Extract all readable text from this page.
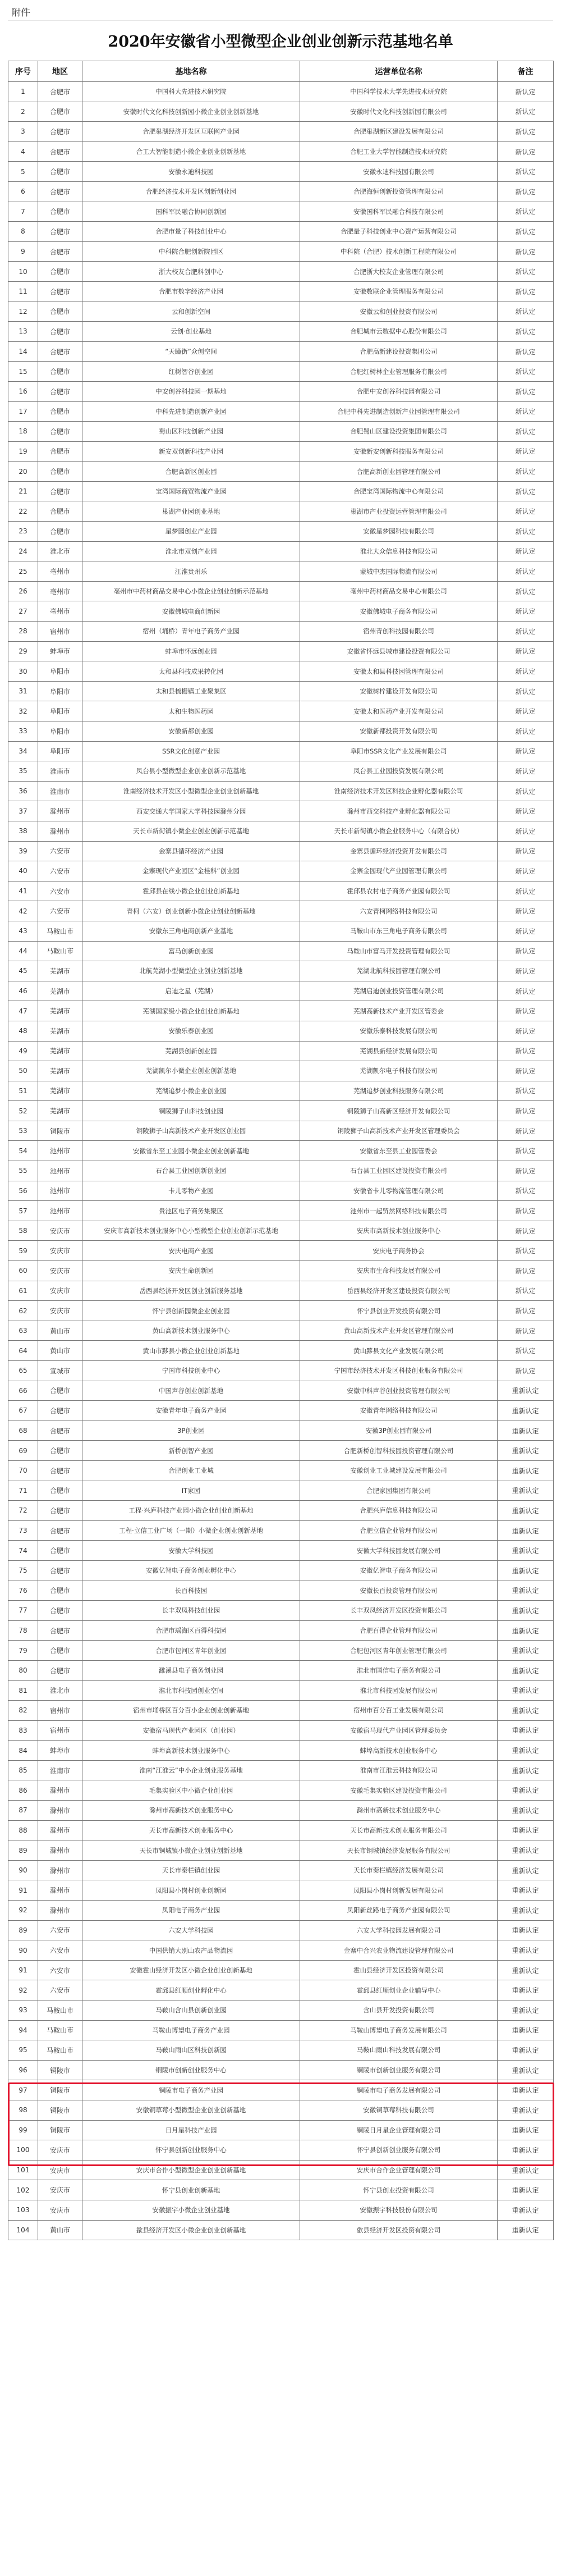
附件
2020年安徽省小型微型企业创业创新示范基地名单
序号	地区	基地名称	运营单位名称	备注
1	合肥市	中国科大先进技术研究院	中国科学技术大学先进技术研究院	新认定
2	合肥市	安徽时代文化科技创新园小微企业创业创新基地	安徽时代文化科技创新园有限公司	新认定
3	合肥市	合肥巢湖经济开发区互联网产业园	合肥巢湖新区建设发展有限公司	新认定
4	合肥市	合工大智能制造小微企业创业创新基地	合肥工业大学智能制造技术研究院	新认定
5	合肥市	安徽永迪科技园	安徽永迪科技园有限公司	新认定
6	合肥市	合肥经济技术开发区创新创业园	合肥海恒创新投资管理有限公司	新认定
7	合肥市	国科军民融合协同创新园	安徽国科军民融合科技有限公司	新认定
8	合肥市	合肥市量子科技创业中心	合肥量子科技创业中心资产运营有限公司	新认定
9	合肥市	中科院合肥创新院园区	中科院（合肥）技术创新工程院有限公司	新认定
10	合肥市	浙大校友合肥科创中心	合肥浙大校友企业管理有限公司	新认定
11	合肥市	合肥市数字经济产业园	安徽数联企业管理服务有限公司	新认定
12	合肥市	云和创新空间	安徽云和创业投资有限公司	新认定
13	合肥市	云创·创业基地	合肥城市云数据中心股份有限公司	新认定
14	合肥市	“天瞳街”众创空间	合肥高新建设投资集团公司	新认定
15	合肥市	红树智谷创业园	合肥红树林企业管理服务有限公司	新认定
16	合肥市	中安创谷科技园一期基地	合肥中安创谷科技园有限公司	新认定
17	合肥市	中科先进制造创新产业园	合肥中科先进制造创新产业园管理有限公司	新认定
18	合肥市	蜀山区科技创新产业园	合肥蜀山区建设投资集团有限公司	新认定
19	合肥市	新安双创新科技产业园	安徽新安创新科技服务有限公司	新认定
20	合肥市	合肥高新区创业园	合肥高新创业园管理有限公司	新认定
21	合肥市	宝湾国际商贸物流产业园	合肥宝湾国际物流中心有限公司	新认定
22	合肥市	巢湖产业园创业基地	巢湖市产业投资运营管理有限公司	新认定
23	合肥市	星梦园创业产业园	安徽星梦园科技有限公司	新认定
24	淮北市	淮北市双创产业园	淮北大众信息科技有限公司	新认定
25	亳州市	江淮贵州乐	蒙城中杰国际物流有限公司	新认定
26	亳州市	亳州市中药材商品交易中心小微企业创业创新示范基地	亳州中药材商品交易中心有限公司	新认定
27	亳州市	安徽佛城电商创新园	安徽佛城电子商务有限公司	新认定
28	宿州市	宿州（埇桥）青年电子商务产业园	宿州青创科技园有限公司	新认定
29	蚌埠市	蚌埠市怀远创业园	安徽省怀远县城市建设投资有限公司	新认定
30	阜阳市	太和县科技成果转化园	安徽太和县科技园管理有限公司	新认定
31	阜阳市	太和县梳栅镇工业聚集区	安徽树梓建设开发有限公司	新认定
32	阜阳市	太和生物医药园	安徽太和医药产业开发有限公司	新认定
33	阜阳市	安徽新都创业园	安徽新都投资开发有限公司	新认定
34	阜阳市	SSR文化创意产业园	阜阳市SSR文化产业发展有限公司	新认定
35	淮南市	凤台县小型微型企业创业创新示范基地	凤台县工业园投资发展有限公司	新认定
36	淮南市	淮南经济技术开发区小型微型企业创业创新基地	淮南经济技术开发区科技企业孵化器有限公司	新认定
37	滁州市	西安交通大学国家大学科技园滁州分园	滁州市西交科技产业孵化器有限公司	新认定
38	滁州市	天长市新街镇小微企业创业创新示范基地	天长市新街镇小微企业服务中心（有限合伙）	新认定
39	六安市	金寨县循环经济产业园	金寨县循环经济投资开发有限公司	新认定
40	六安市	金寨现代产业园区“金桂科”创业园	金寨金园现代产业园管理有限公司	新认定
41	六安市	霍邱县在线小微企业创业创新基地	霍邱县农村电子商务产业园有限公司	新认定
42	六安市	青柯（六安）创业创新小微企业创业创新基地	六安青柯网络科技有限公司	新认定
43	马鞍山市	安徽东三角电商创新产业基地	马鞍山市东三角电子商务有限公司	新认定
44	马鞍山市	富马创新创业园	马鞍山市富马开发投资管理有限公司	新认定
45	芜湖市	北航芜湖小型微型企业创业创新基地	芜湖北航科技园管理有限公司	新认定
46	芜湖市	启迪之星（芜湖）	芜湖启迪创业投资管理有限公司	新认定
47	芜湖市	芜湖国家级小微企业创业创新基地	芜湖高新技术产业开发区管委会	新认定
48	芜湖市	安徽乐泰创业园	安徽乐泰科技发展有限公司	新认定
49	芜湖市	芜湖县创新创业园	芜湖县新经济发展有限公司	新认定
50	芜湖市	芜湖凯尔小微企业创业创新基地	芜湖凯尔电子科技有限公司	新认定
51	芜湖市	芜湖追梦小微企业创业园	芜湖追梦创业科技服务有限公司	新认定
52	芜湖市	铜陵狮子山科技创业园	铜陵狮子山高新区经济开发有限公司	新认定
53	铜陵市	铜陵狮子山高新技术产业开发区创业园	铜陵狮子山高新技术产业开发区管理委员会	新认定
54	池州市	安徽省东至工业园小微企业创业创新基地	安徽省东至县工业园管委会	新认定
55	池州市	石台县工业园创新创业园	石台县工业园区建设投资有限公司	新认定
56	池州市	卡儿零物产业园	安徽省卡儿零物流管理有限公司	新认定
57	池州市	贵池区电子商务集聚区	池州市一起贸然网络科技有限公司	新认定
58	安庆市	安庆市高新技术创业服务中心小型微型企业创业创新示范基地	安庆市高新技术创业服务中心	新认定
59	安庆市	安庆电商产业园	安庆电子商务协会	新认定
60	安庆市	安庆生命创新园	安庆市生命科技发展有限公司	新认定
61	安庆市	岳西县经济开发区创业创新服务基地	岳西县经济开发区建设投资有限公司	新认定
62	安庆市	怀宁县创新园微企业创业园	怀宁县创业开发投资有限公司	新认定
63	黄山市	黄山高新技术创业服务中心	黄山高新技术产业开发区管理有限公司	新认定
64	黄山市	黄山市黟县小微企业创业创新基地	黄山黟县文化产业发展有限公司	新认定
65	宣城市	宁国市科技创业中心	宁国市经济技术开发区科技创业服务有限公司	新认定
66	合肥市	中国声谷创业创新基地	安徽中科声谷创业投资管理有限公司	重新认定
67	合肥市	安徽青年电子商务产业园	安徽青年网络科技有限公司	重新认定
68	合肥市	3P创业园	安徽3P创业园有限公司	重新认定
69	合肥市	新桥创智产业园	合肥新桥创智科技园投资管理有限公司	重新认定
70	合肥市	合肥创业工业城	安徽创业工业城建设发展有限公司	重新认定
71	合肥市	IT家园	合肥家园集团有限公司	重新认定
72	合肥市	工程·兴庐科技产业园小微企业创业创新基地	合肥兴庐信息科技有限公司	重新认定
73	合肥市	工程·立信工业广场（一期）小微企业创业创新基地	合肥立信企业管理有限公司	重新认定
74	合肥市	安徽大学科技园	安徽大学科技园发展有限公司	重新认定
75	合肥市	安徽亿智电子商务创业孵化中心	安徽亿智电子商务有限公司	重新认定
76	合肥市	长百科技园	安徽长百投资管理有限公司	重新认定
77	合肥市	长丰双凤科技创业园	长丰双凤经济开发区投资有限公司	重新认定
78	合肥市	合肥市瑶海区百得科技园	合肥百得企业管理有限公司	重新认定
79	合肥市	合肥市包河区青年创业园	合肥包河区青年创业管理有限公司	重新认定
80	合肥市	濉溪县电子商务创业园	淮北市国信电子商务有限公司	重新认定
81	淮北市	淮北市科技园创业空间	淮北市科技园发展有限公司	重新认定
82	宿州市	宿州市埇桥区百分百小企业创业创新基地	宿州市百分百工业发展有限公司	重新认定
83	宿州市	安徽宿马现代产业园区（创业园）	安徽宿马现代产业园区管理委员会	重新认定
84	蚌埠市	蚌埠高新技术创业服务中心	蚌埠高新技术创业服务中心	重新认定
85	淮南市	淮南“江淮云”中小企业创业服务基地	淮南市江淮云科技有限公司	重新认定
86	滁州市	毛集实验区中小微企业创业园	安徽毛集实验区建设投资有限公司	重新认定
87	滁州市	滁州市高新技术创业服务中心	滁州市高新技术创业服务中心	重新认定
88	滁州市	天长市高新技术创业服务中心	天长市高新技术创业服务有限公司	重新认定
89	滁州市	天长市铜城镇小微企业创业创新基地	天长市铜城镇经济发展服务有限公司	重新认定
90	滁州市	天长市秦栏镇创业园	天长市秦栏镇经济发展有限公司	重新认定
91	滁州市	凤阳县小岗村创业创新园	凤阳县小岗村创新发展有限公司	重新认定
92	滁州市	凤阳电子商务产业园	凤阳新丝路电子商务产业园有限公司	重新认定
89	六安市	六安大学科技园	六安大学科技园发展有限公司	重新认定
90	六安市	中国供销大别山农产品物流园	金寨中合兴农业物流建设管理有限公司	重新认定
91	六安市	安徽霍山经济开发区小微企业创业创新基地	霍山县经济开发区投资有限公司	重新认定
92	六安市	霍邱县红顺创业孵化中心	霍邱县红顺创业企业辅导中心	重新认定
93	马鞍山市	马鞍山含山县创新创业园	含山县开发投资有限公司	重新认定
94	马鞍山市	马鞍山博望电子商务产业园	马鞍山博望电子商务发展有限公司	重新认定
95	马鞍山市	马鞍山雨山区科技创新园	马鞍山雨山科技发展有限公司	重新认定
96	铜陵市	铜陵市创新创业服务中心	铜陵市创新创业服务有限公司	重新认定
97	铜陵市	铜陵市电子商务产业园	铜陵市电子商务发展有限公司	重新认定
98	铜陵市	安徽铜草莓小型微型企业创业创新基地	安徽铜草莓科技有限公司	重新认定
99	铜陵市	日月星科技产业园	铜陵日月星企业管理有限公司	重新认定
100	安庆市	怀宁县创新创业服务中心	怀宁县创新创业服务有限公司	重新认定
101	安庆市	安庆市合作小型微型企业创业创新基地	安庆市合作企业管理有限公司	重新认定
102	安庆市	怀宁县创业创新基地	怀宁县创业投资有限公司	重新认定
103	安庆市	安徽振宇小微企业创业基地	安徽振宇科技股份有限公司	重新认定
104	黄山市	歙县经济开发区小微企业创业创新基地	歙县经济开发区投资有限公司	重新认定
